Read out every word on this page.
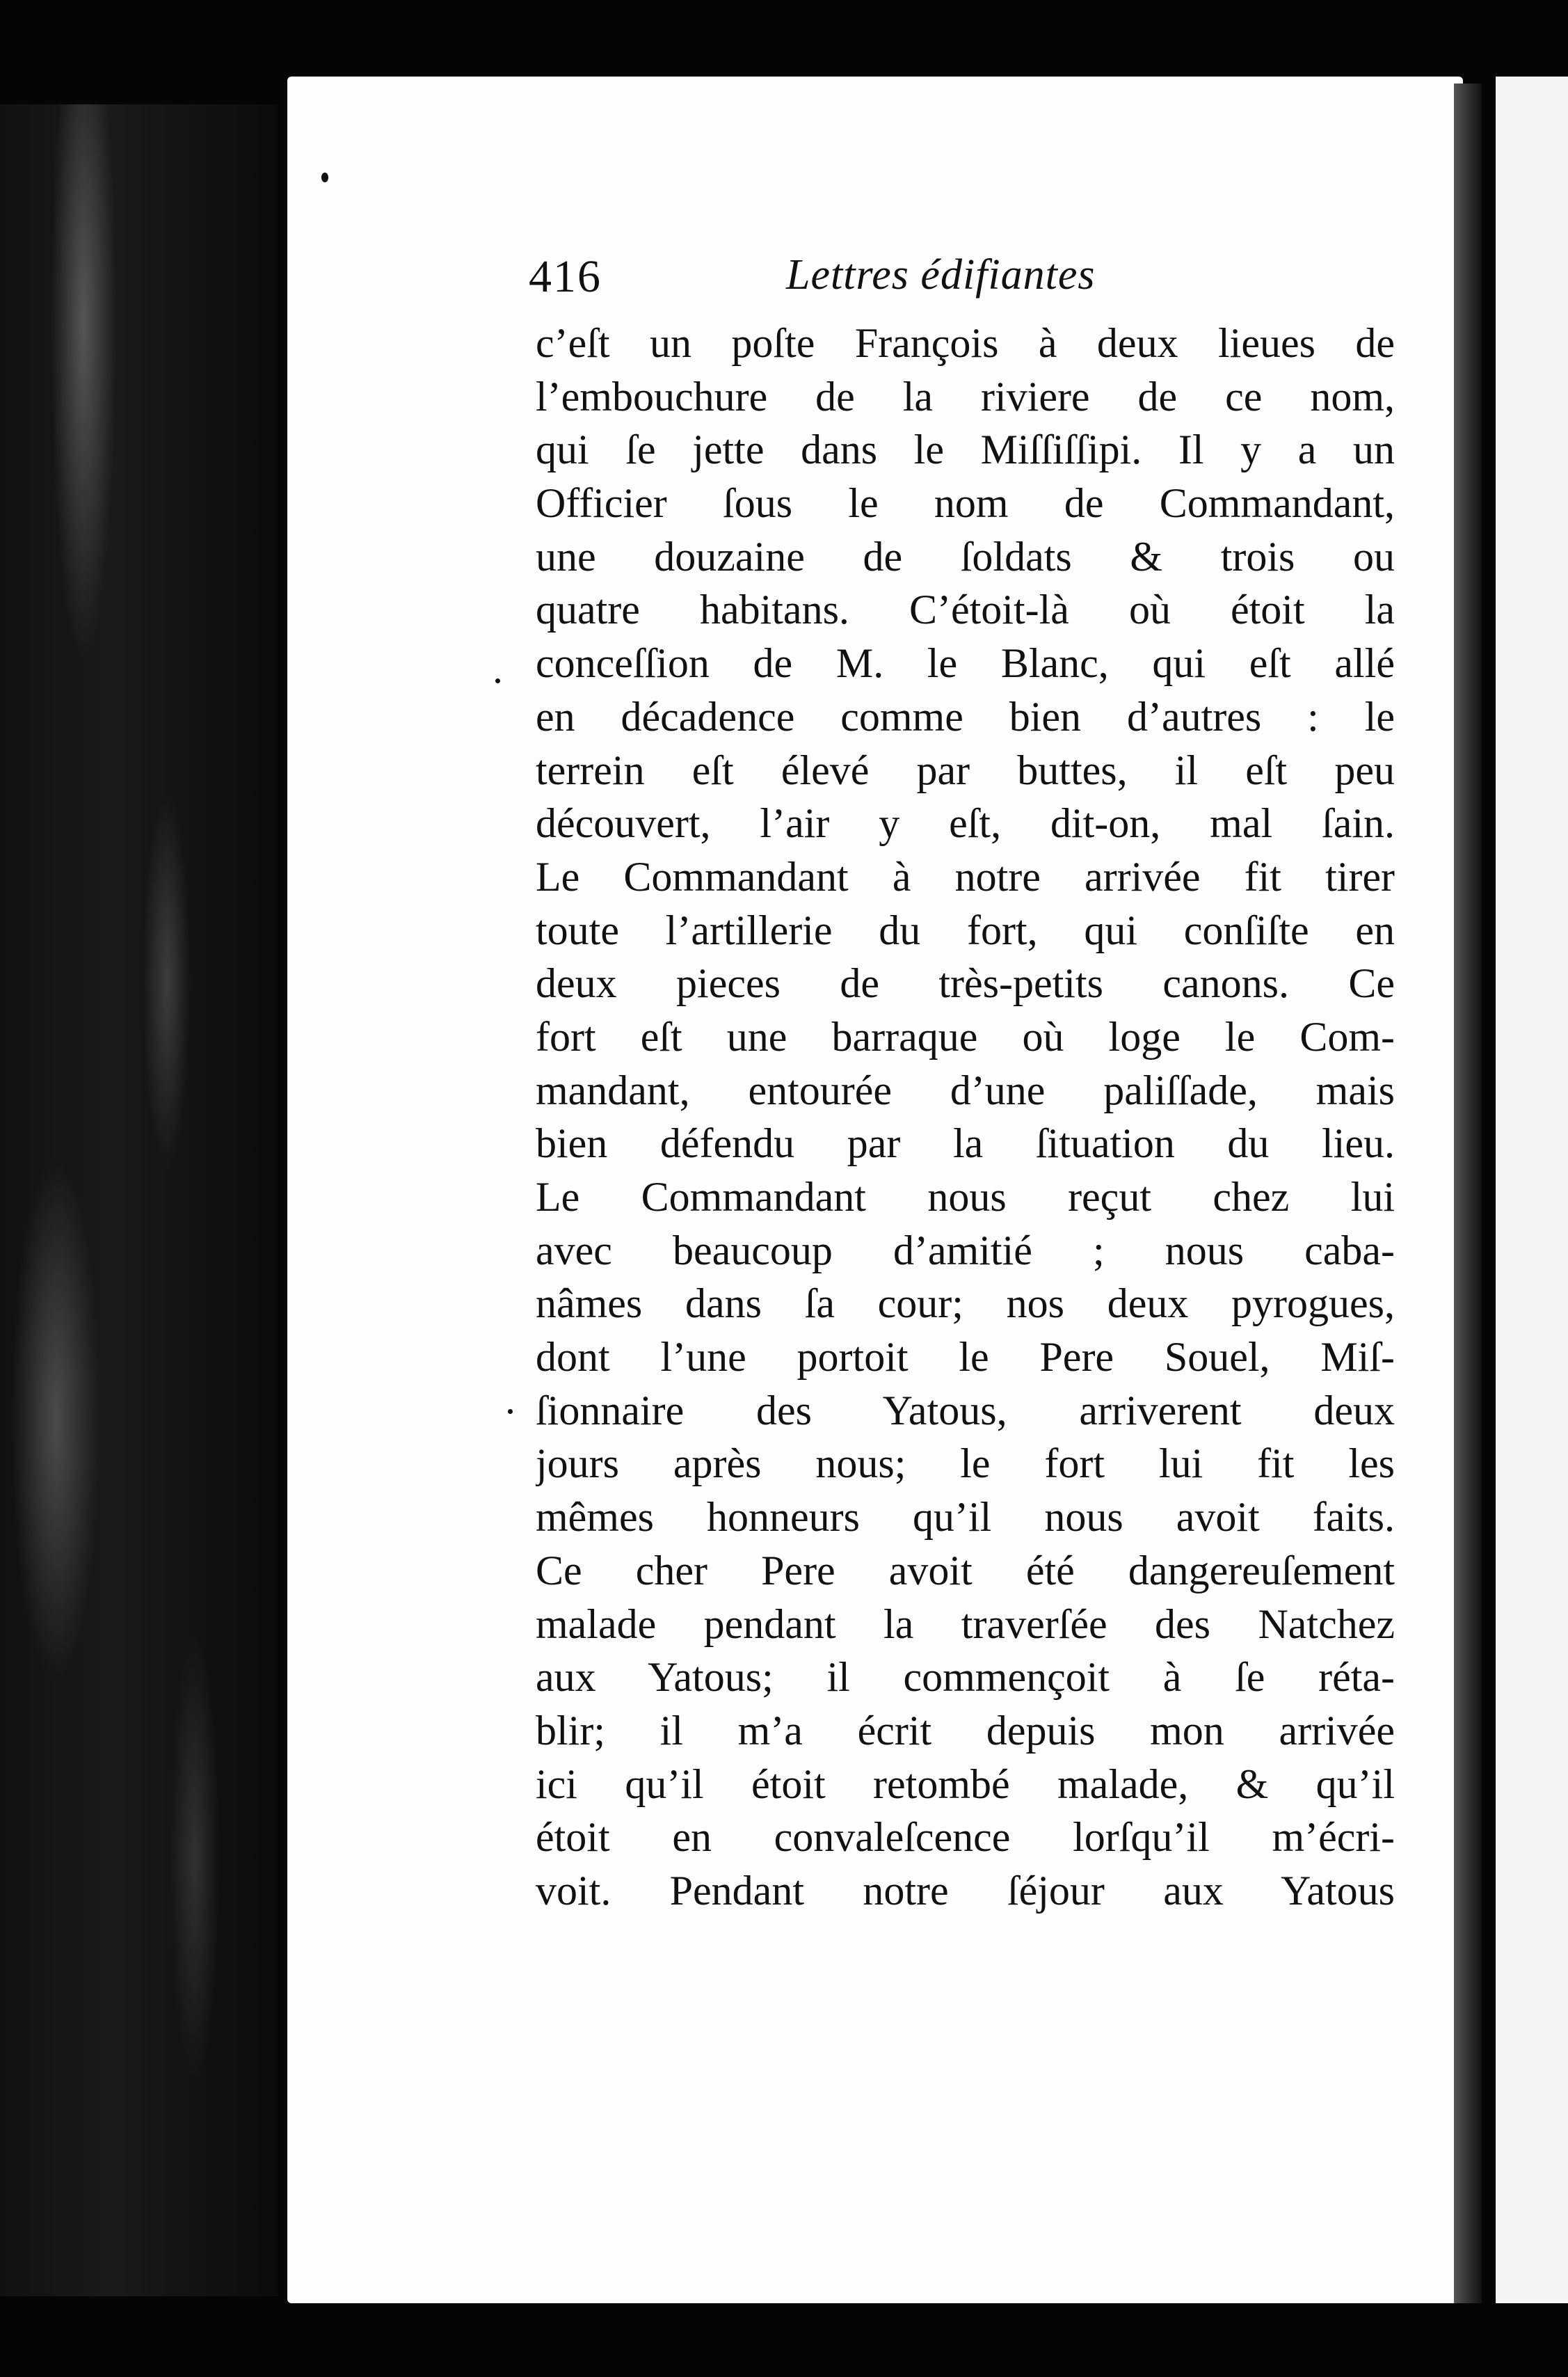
416	Lettres édifiantes
c’eſt un poſte François à deux lieues de
l’embouchure de la riviere de ce nom,
qui ſe jette dans le Miſſiſſipi. Il y a un
Officier ſous le nom de Commandant,
une douzaine de ſoldats & trois ou
quatre habitans. C’étoit-là où étoit la
conceſſion de M. le Blanc, qui eſt allé
en décadence comme bien d’autres : le
terrein eſt élevé par buttes, il eſt peu
découvert, l’air y eſt, dit-on, mal ſain.
Le Commandant à notre arrivée fit tirer
toute l’artillerie du fort, qui conſiſte en
deux pieces de très-petits canons. Ce
fort eſt une barraque où loge le Com-
mandant, entourée d’une paliſſade, mais
bien défendu par la ſituation du lieu.
Le Commandant nous reçut chez lui
avec beaucoup d’amitié ; nous caba-
nâmes dans ſa cour; nos deux pyrogues,
dont l’une portoit le Pere Souel, Miſ-
ſionnaire des Yatous, arriverent deux
jours après nous; le fort lui fit les
mêmes honneurs qu’il nous avoit faits.
Ce cher Pere avoit été dangereuſement
malade pendant la traverſée des Natchez
aux Yatous; il commençoit à ſe réta-
blir; il m’a écrit depuis mon arrivée
ici qu’il étoit retombé malade, & qu’il
étoit en convaleſcence lorſqu’il m’écri-
voit. Pendant notre ſéjour aux Yatous
